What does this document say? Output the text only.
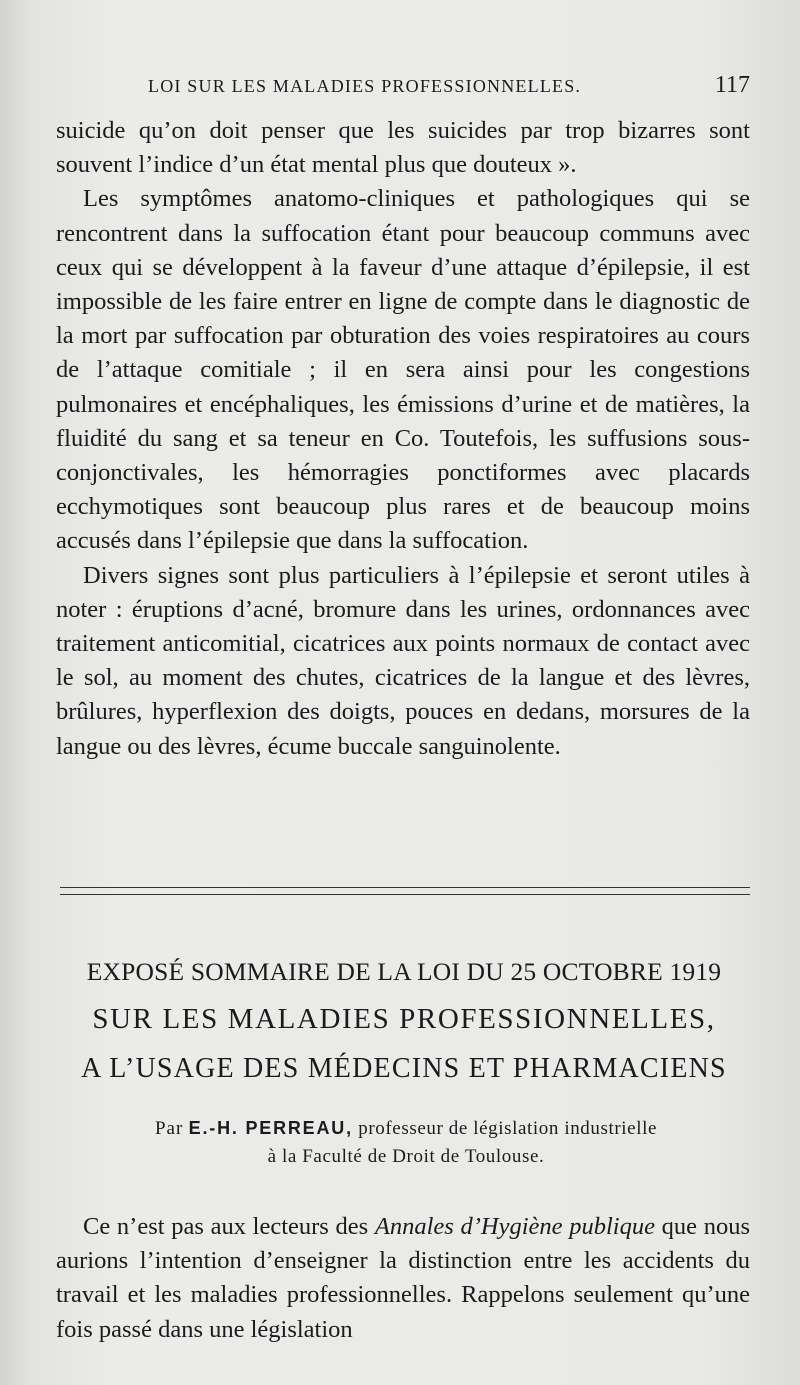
LOI SUR LES MALADIES PROFESSIONNELLES.	117

suicide qu’on doit penser que les suicides par trop bizarres sont souvent l’indice d’un état mental plus que douteux ».

Les symptômes anatomo-cliniques et pathologiques qui se rencontrent dans la suffocation étant pour beaucoup communs avec ceux qui se développent à la faveur d’une attaque d’épilepsie, il est impossible de les faire entrer en ligne de compte dans le diagnostic de la mort par suffocation par obturation des voies respiratoires au cours de l’attaque comitiale ; il en sera ainsi pour les congestions pulmonaires et encéphaliques, les émissions d’urine et de matières, la fluidité du sang et sa teneur en Co. Toutefois, les suffusions sous-conjonctivales, les hémorragies ponctiformes avec placards ecchymotiques sont beaucoup plus rares et de beaucoup moins accusés dans l’épilepsie que dans la suffocation.

Divers signes sont plus particuliers à l’épilepsie et seront utiles à noter : éruptions d’acné, bromure dans les urines, ordonnances avec traitement anticomitial, cicatrices aux points normaux de contact avec le sol, au moment des chutes, cicatrices de la langue et des lèvres, brûlures, hyperflexion des doigts, pouces en dedans, morsures de la langue ou des lèvres, écume buccale sanguinolente.

EXPOSÉ SOMMAIRE DE LA LOI DU 25 OCTOBRE 1919
SUR LES MALADIES PROFESSIONNELLES,
A L’USAGE DES MÉDECINS ET PHARMACIENS
Par E.-H. PERREAU, professeur de législation industrielle
à la Faculté de Droit de Toulouse.

Ce n’est pas aux lecteurs des Annales d’Hygiène publique que nous aurions l’intention d’enseigner la distinction entre les accidents du travail et les maladies professionnelles. Rappelons seulement qu’une fois passé dans une législation
